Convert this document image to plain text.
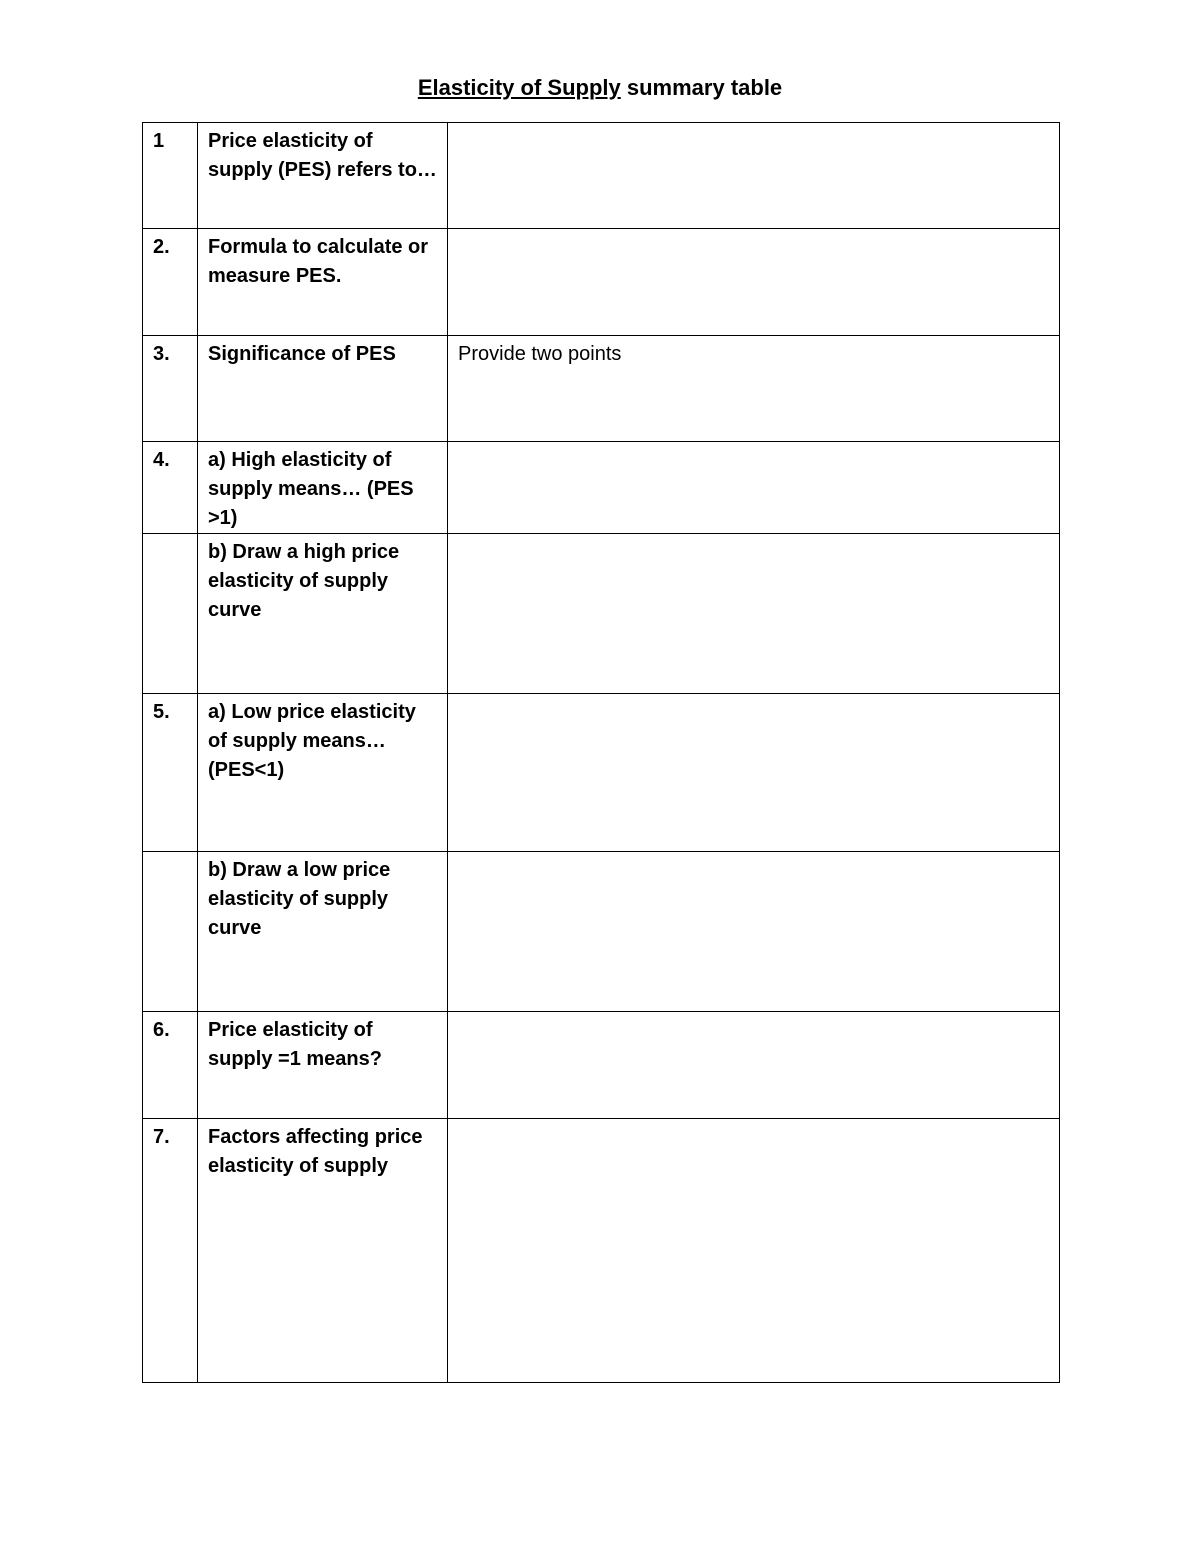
Elasticity of Supply summary table
1	Price elasticity of supply (PES) refers to…	
2.	Formula to calculate or measure PES.	
3.	Significance of PES	Provide two points
4.	a) High elasticity of supply means… (PES >1)	
	b) Draw a high price elasticity of supply curve	
5.	a) Low price elasticity of supply means… (PES<1)	
	b) Draw a low price elasticity of supply curve	
6.	Price elasticity of supply =1 means?	
7.	Factors affecting price elasticity of supply	
